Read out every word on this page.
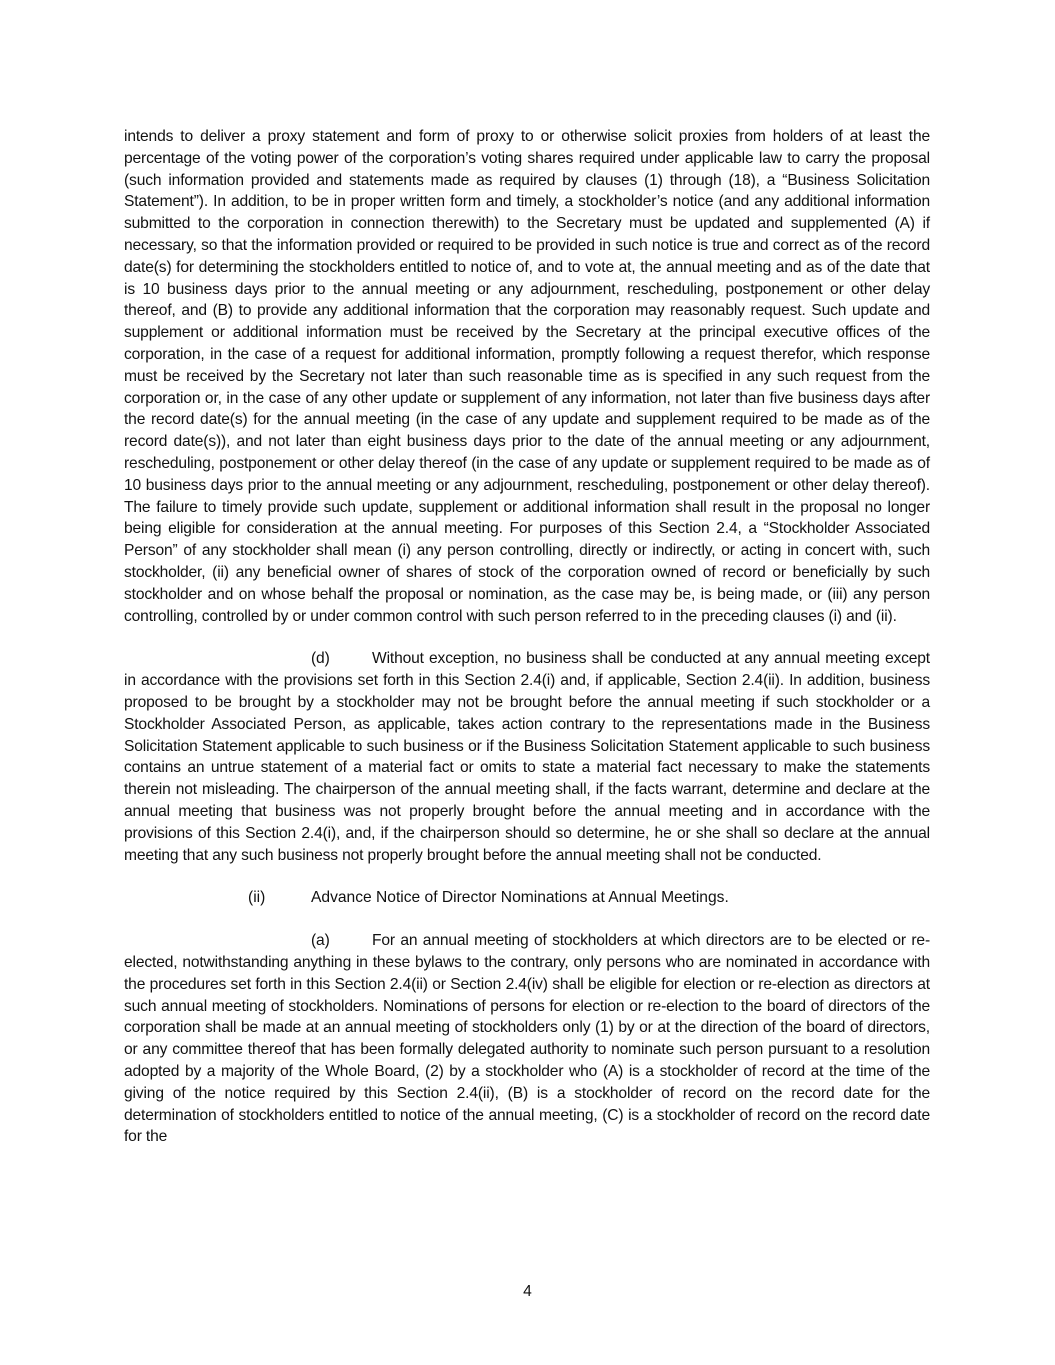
intends to deliver a proxy statement and form of proxy to or otherwise solicit proxies from holders of at least the percentage of the voting power of the corporation’s voting shares required under applicable law to carry the proposal (such information provided and statements made as required by clauses (1) through (18), a “Business Solicitation Statement”). In addition, to be in proper written form and timely, a stockholder’s notice (and any additional information submitted to the corporation in connection therewith) to the Secretary must be updated and supplemented (A) if necessary, so that the information provided or required to be provided in such notice is true and correct as of the record date(s) for determining the stockholders entitled to notice of, and to vote at, the annual meeting and as of the date that is 10 business days prior to the annual meeting or any adjournment, rescheduling, postponement or other delay thereof, and (B) to provide any additional information that the corporation may reasonably request. Such update and supplement or additional information must be received by the Secretary at the principal executive offices of the corporation, in the case of a request for additional information, promptly following a request therefor, which response must be received by the Secretary not later than such reasonable time as is specified in any such request from the corporation or, in the case of any other update or supplement of any information, not later than five business days after the record date(s) for the annual meeting (in the case of any update and supplement required to be made as of the record date(s)), and not later than eight business days prior to the date of the annual meeting or any adjournment, rescheduling, postponement or other delay thereof (in the case of any update or supplement required to be made as of 10 business days prior to the annual meeting or any adjournment, rescheduling, postponement or other delay thereof). The failure to timely provide such update, supplement or additional information shall result in the proposal no longer being eligible for consideration at the annual meeting. For purposes of this Section 2.4, a “Stockholder Associated Person” of any stockholder shall mean (i) any person controlling, directly or indirectly, or acting in concert with, such stockholder, (ii) any beneficial owner of shares of stock of the corporation owned of record or beneficially by such stockholder and on whose behalf the proposal or nomination, as the case may be, is being made, or (iii) any person controlling, controlled by or under common control with such person referred to in the preceding clauses (i) and (ii).

(d)	Without exception, no business shall be conducted at any annual meeting except in accordance with the provisions set forth in this Section 2.4(i) and, if applicable, Section 2.4(ii). In addition, business proposed to be brought by a stockholder may not be brought before the annual meeting if such stockholder or a Stockholder Associated Person, as applicable, takes action contrary to the representations made in the Business Solicitation Statement applicable to such business or if the Business Solicitation Statement applicable to such business contains an untrue statement of a material fact or omits to state a material fact necessary to make the statements therein not misleading. The chairperson of the annual meeting shall, if the facts warrant, determine and declare at the annual meeting that business was not properly brought before the annual meeting and in accordance with the provisions of this Section 2.4(i), and, if the chairperson should so determine, he or she shall so declare at the annual meeting that any such business not properly brought before the annual meeting shall not be conducted.

(ii)	Advance Notice of Director Nominations at Annual Meetings.

(a)	For an annual meeting of stockholders at which directors are to be elected or re-elected, notwithstanding anything in these bylaws to the contrary, only persons who are nominated in accordance with the procedures set forth in this Section 2.4(ii) or Section 2.4(iv) shall be eligible for election or re-election as directors at such annual meeting of stockholders. Nominations of persons for election or re-election to the board of directors of the corporation shall be made at an annual meeting of stockholders only (1) by or at the direction of the board of directors, or any committee thereof that has been formally delegated authority to nominate such person pursuant to a resolution adopted by a majority of the Whole Board, (2) by a stockholder who (A) is a stockholder of record at the time of the giving of the notice required by this Section 2.4(ii), (B) is a stockholder of record on the record date for the determination of stockholders entitled to notice of the annual meeting, (C) is a stockholder of record on the record date for the

4
